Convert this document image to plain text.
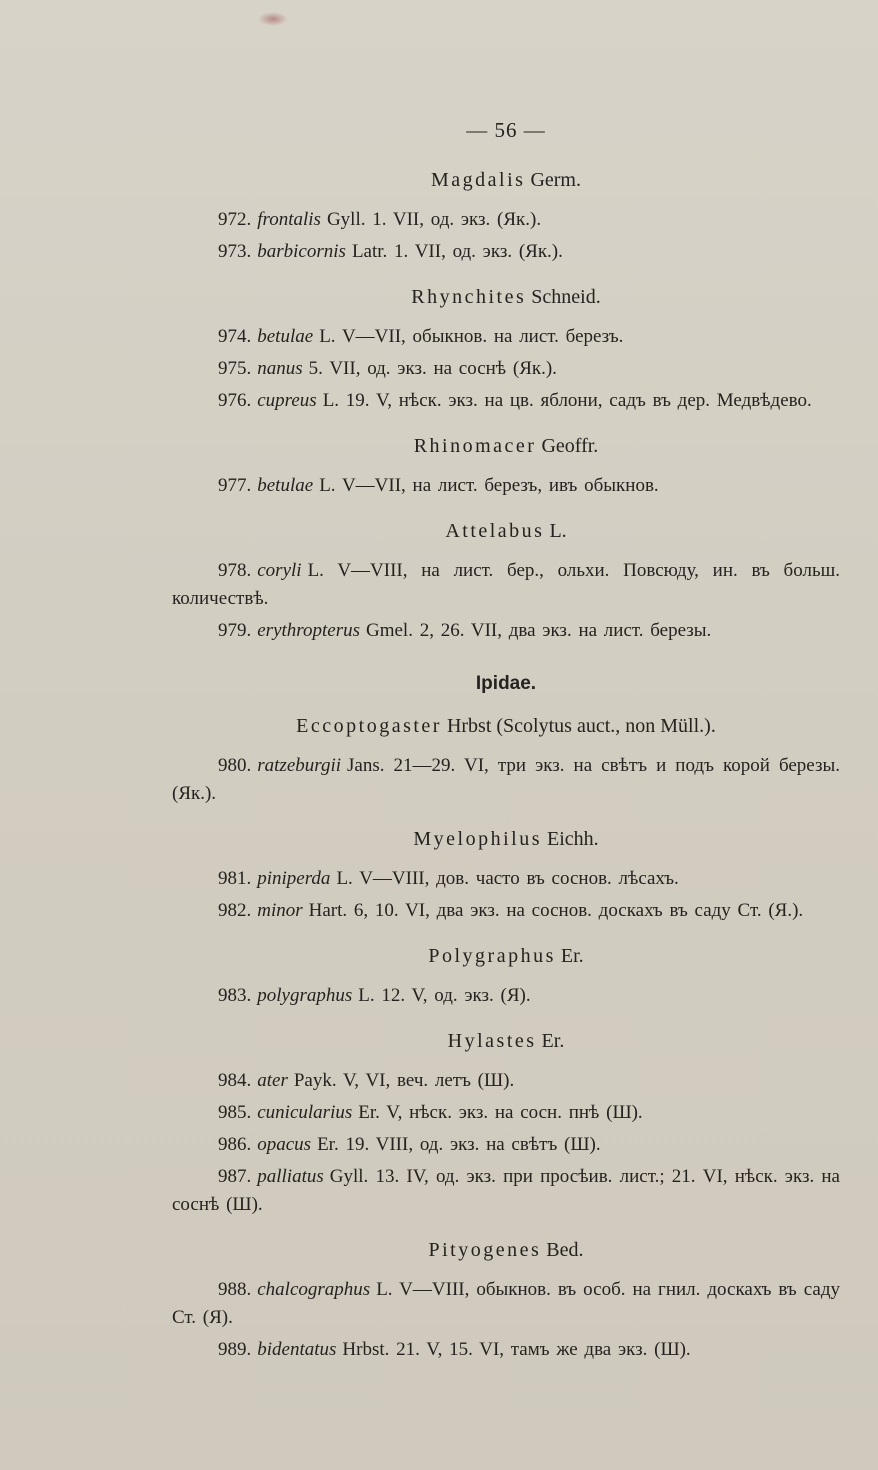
— 56 —
Magdalis Germ.
972. frontalis Gyll. 1. VII, од. экз. (Як.).
973. barbicornis Latr. 1. VII, од. экз. (Як.).
Rhynchites Schneid.
974. betulae L. V—VII, обыкнов. на лист. березъ.
975. nanus 5. VII, од. экз. на соснѣ (Як.).
976. cupreus L. 19. V, нѣск. экз. на цв. яблони, садъ въ дер. Медвѣдево.
Rhinomacer Geoffr.
977. betulae L. V—VII, на лист. березъ, ивъ обыкнов.
Attelabus L.
978. coryli L. V—VIII, на лист. бер., ольхи. Повсюду, ин. въ больш. количествѣ.
979. erythropterus Gmel. 2, 26. VII, два экз. на лист. березы.
Ipidae.
Eccoptogaster Hrbst (Scolytus auct., non Müll.).
980. ratzeburgii Jans. 21—29. VI, три экз. на свѣтъ и подъ корой березы. (Як.).
Myelophilus Eichh.
981. piniperda L. V—VIII, дов. часто въ соснов. лѣсахъ.
982. minor Hart. 6, 10. VI, два экз. на соснов. доскахъ въ саду Ст. (Я.).
Polygraphus Er.
983. polygraphus L. 12. V, од. экз. (Я).
Hylastes Er.
984. ater Payk. V, VI, веч. летъ (Ш).
985. cunicularius Er. V, нѣск. экз. на сосн. пнѣ (Ш).
986. opacus Er. 19. VIII, од. экз. на свѣтъ (Ш).
987. palliatus Gyll. 13. IV, од. экз. при просѣив. лист.; 21. VI, нѣск. экз. на соснѣ (Ш).
Pityogenes Bed.
988. chalcographus L. V—VIII, обыкнов. въ особ. на гнил. доскахъ въ саду Ст. (Я).
989. bidentatus Hrbst. 21. V, 15. VI, тамъ же два экз. (Ш).
